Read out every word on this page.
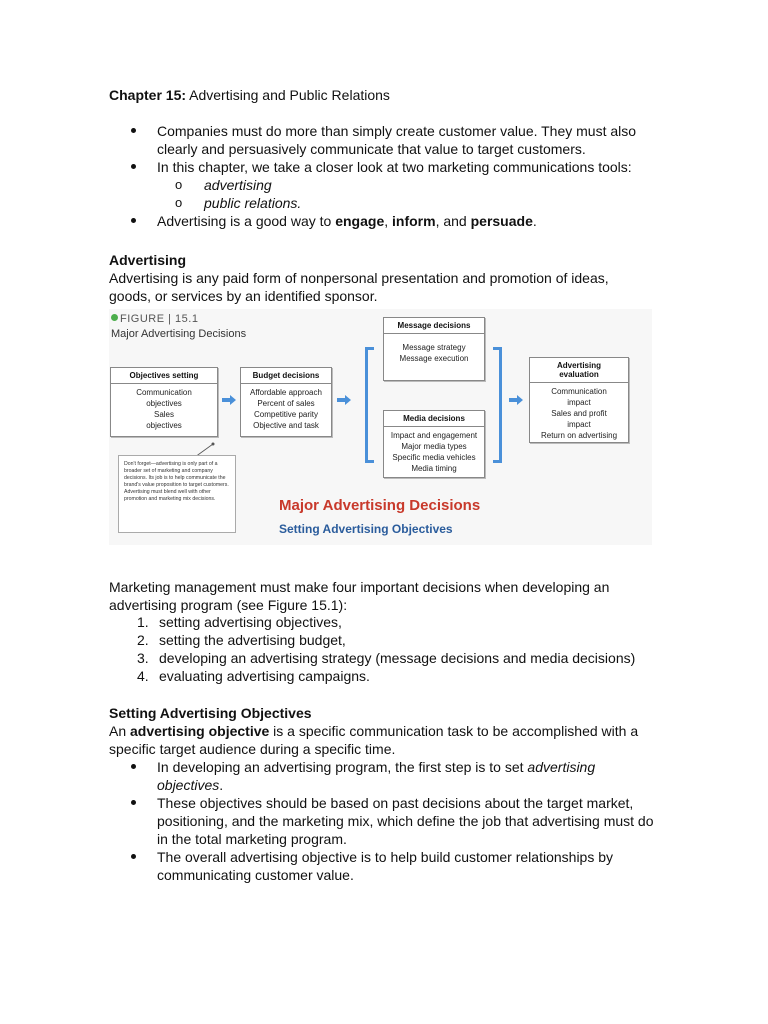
Chapter 15: Advertising and Public Relations
Companies must do more than simply create customer value. They must also clearly and persuasively communicate that value to target customers.
In this chapter, we take a closer look at two marketing communications tools:
o advertising
o public relations.
Advertising is a good way to engage, inform, and persuade.
Advertising
Advertising is any paid form of nonpersonal presentation and promotion of ideas, goods, or services by an identified sponsor.
FIGURE | 15.1
Major Advertising Decisions
Objectives setting
Communication objectives
Sales objectives
Budget decisions
Affordable approach
Percent of sales
Competitive parity
Objective and task
Message decisions
Message strategy
Message execution
Media decisions
Impact and engagement
Major media types
Specific media vehicles
Media timing
Advertising evaluation
Communication impact
Sales and profit impact
Return on advertising
Don't forget—advertising is only part of a broader set of marketing and company decisions. Its job is to help communicate the brand's value proposition to target customers. Advertising must blend well with other promotion and marketing mix decisions.	Major Advertising Decisions
Setting Advertising Objectives
Marketing management must make four important decisions when developing an advertising program (see Figure 15.1):
1. setting advertising objectives,
2. setting the advertising budget,
3. developing an advertising strategy (message decisions and media decisions)
4. evaluating advertising campaigns.
Setting Advertising Objectives
An advertising objective is a specific communication task to be accomplished with a specific target audience during a specific time.
In developing an advertising program, the first step is to set advertising objectives.
These objectives should be based on past decisions about the target market, positioning, and the marketing mix, which define the job that advertising must do in the total marketing program.
The overall advertising objective is to help build customer relationships by communicating customer value.
